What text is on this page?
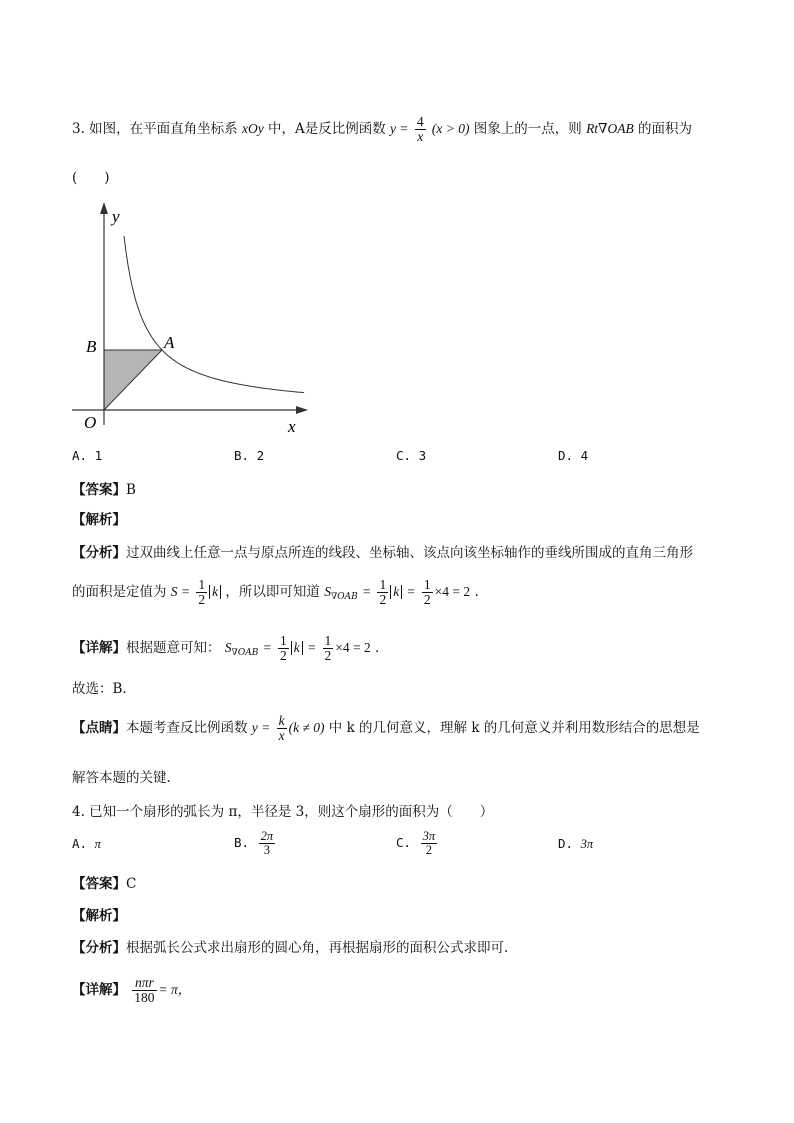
3. 如图，在平面直角坐标系 xOy 中，A是反比例函数 $y = \frac{4}{x} (x > 0)$ 图象上的一点，则 Rt∇OAB 的面积为
(　　)
y
x
O
A
B
A. 1	B. 2	C. 3	D. 4
【答案】B
【解析】
【分析】过双曲线上任意一点与原点所连的线段、坐标轴、该点向该坐标轴作的垂线所围成的直角三角形
的面积是定值为 $S = \frac{1}{2}$ k ，所以即可知道 $S_{\nabla OAB} = \frac{1}{2}$ $k = \frac{1}{2} \times 4 = 2$ .
【详解】根据题意可知： $S_{\nabla OAB} = \frac{1}{2}$ $k = \frac{1}{2} \times 4 = 2$ .
故选：B.
【点睛】本题考查反比例函数 $y = \frac{k}{x} (k \ne 0)$ 中 k 的几何意义，理解 k 的几何意义并利用数形结合的思想是
解答本题的关键.
4. 已知一个扇形的弧长为 π，半径是 3，则这个扇形的面积为（　　）
A. π	B. $\frac{2\pi}{3}$	C. $\frac{3\pi}{2}$	D. 3π
【答案】C
【解析】
【分析】根据弧长公式求出扇形的圆心角，再根据扇形的面积公式求即可.
【详解】 $\frac{\text{nπr}}{180} = \pi$，
